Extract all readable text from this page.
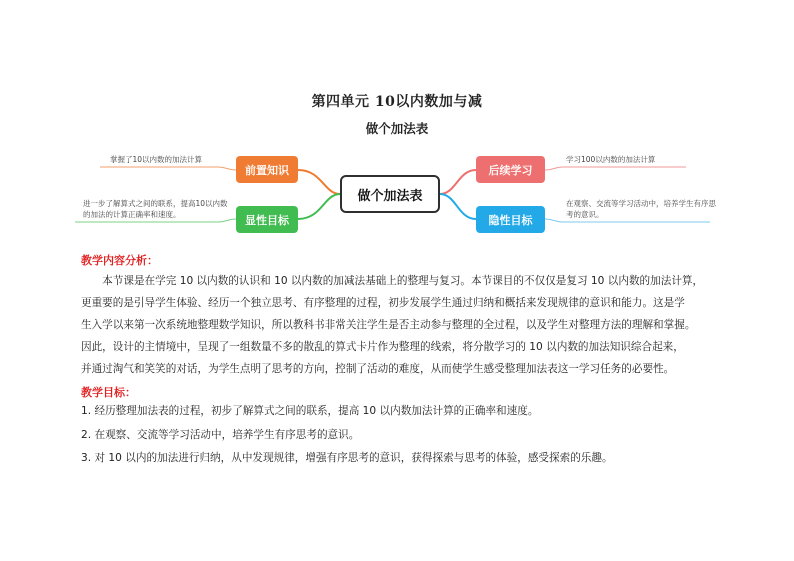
第四单元 10以内数加与减
做个加法表
前置知识
显性目标
后续学习
隐性目标
做个加法表
掌握了10以内数的加法计算
进一步了解算式之间的联系，提高10以内数的加法的计算正确率和速度。
学习100以内数的加法计算
在观察、交流等学习活动中，培养学生有序思考的意识。
教学内容分析：

　　本节课是在学完 10 以内数的认识和 10 以内数的加减法基础上的整理与复习。本节课目的不仅仅是复习 10 以内数的加法计算，

更重要的是引导学生体验、经历一个独立思考、有序整理的过程，初步发展学生通过归纳和概括来发现规律的意识和能力。这是学

生入学以来第一次系统地整理数学知识，所以教科书非常关注学生是否主动参与整理的全过程，以及学生对整理方法的理解和掌握。

因此，设计的主情境中，呈现了一组数量不多的散乱的算式卡片作为整理的线索，将分散学习的 10 以内数的加法知识综合起来，

并通过淘气和笑笑的对话，为学生点明了思考的方向，控制了活动的难度，从而使学生感受整理加法表这一学习任务的必要性。

教学目标：
1. 经历整理加法表的过程，初步了解算式之间的联系，提高 10 以内数加法计算的正确率和速度。
2. 在观察、交流等学习活动中，培养学生有序思考的意识。
3. 对 10 以内的加法进行归纳，从中发现规律，增强有序思考的意识，获得探索与思考的体验，感受探索的乐趣。
